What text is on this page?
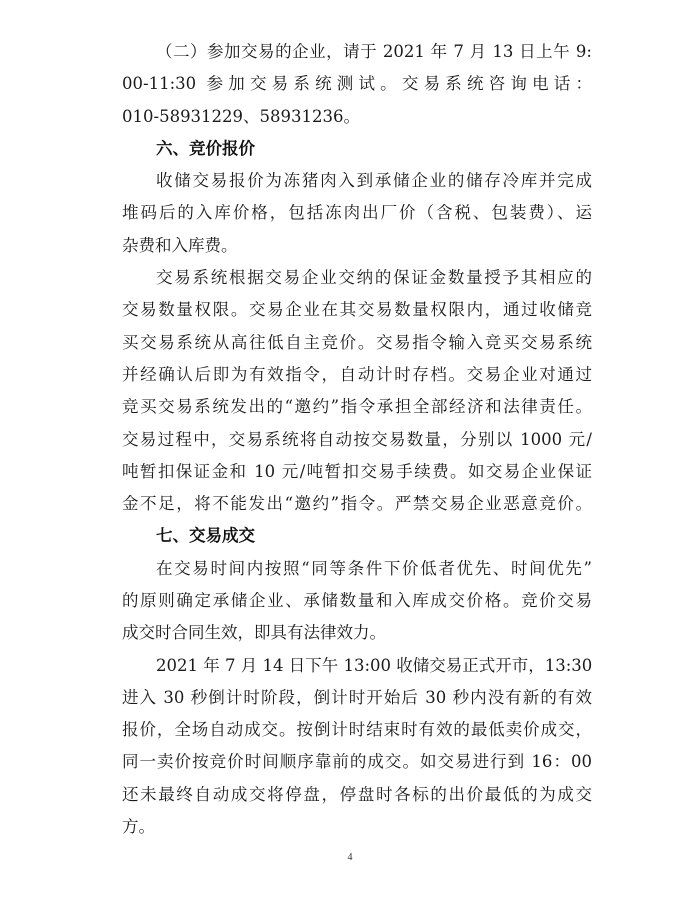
（二）参加交易的企业，请于 2021 年 7 月 13 日上午 9:
00-11:30 参加交易系统测试。交易系统咨询电话：
010-58931229、58931236。
六、竞价报价
收储交易报价为冻猪肉入到承储企业的储存冷库并完成
堆码后的入库价格，包括冻肉出厂价（含税、包装费）、运
杂费和入库费。
交易系统根据交易企业交纳的保证金数量授予其相应的
交易数量权限。交易企业在其交易数量权限内，通过收储竞
买交易系统从高往低自主竞价。交易指令输入竞买交易系统
并经确认后即为有效指令，自动计时存档。交易企业对通过
竞买交易系统发出的“邀约”指令承担全部经济和法律责任。
交易过程中，交易系统将自动按交易数量，分别以 1000 元/
吨暂扣保证金和 10 元/吨暂扣交易手续费。如交易企业保证
金不足，将不能发出“邀约”指令。严禁交易企业恶意竞价。
七、交易成交
在交易时间内按照“同等条件下价低者优先、时间优先”
的原则确定承储企业、承储数量和入库成交价格。竞价交易
成交时合同生效，即具有法律效力。
2021 年 7 月 14 日下午 13:00 收储交易正式开市，13:30
进入 30 秒倒计时阶段，倒计时开始后 30 秒内没有新的有效
报价，全场自动成交。按倒计时结束时有效的最低卖价成交，
同一卖价按竞价时间顺序靠前的成交。如交易进行到 16：00
还未最终自动成交将停盘，停盘时各标的出价最低的为成交
方。
4
